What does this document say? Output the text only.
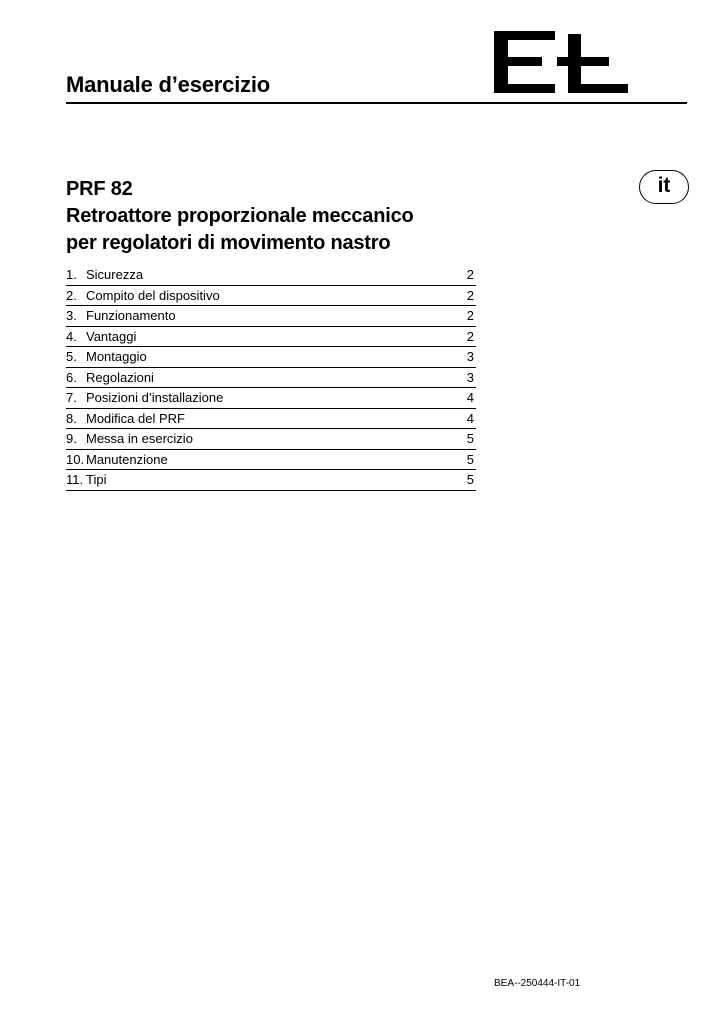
Manuale d’esercizio
it
PRF 82
Retroattore proporzionale meccanico
per regolatori di movimento nastro
1. Sicurezza	2
2. Compito del dispositivo	2
3. Funzionamento	2
4. Vantaggi	2
5. Montaggio	3
6. Regolazioni	3
7. Posizioni d’installazione	4
8. Modifica del PRF	4
9. Messa in esercizio	5
10. Manutenzione	5
11. Tipi	5
BEA--250444-IT-01
